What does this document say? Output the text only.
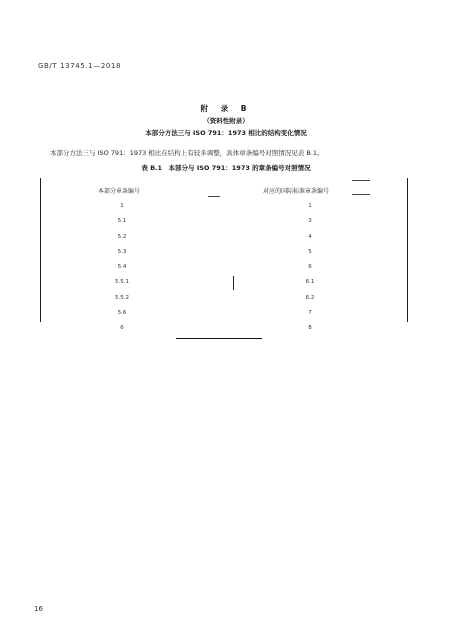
GB/T 13745.1—2018
附 录 B
（资料性附录）
本部分方法三与 ISO 791：1973 相比的结构变化情况
本部分方法三与 ISO 791：1973 相比在结构上有较多调整，具体章条编号对照情况见表 B.1。
表 B.1　本部分与 ISO 791：1973 的章条编号对照情况
本部分章条编号	对应的国际标准章条编号
1	1
5.1	3
5.2	4
5.3	5
5.4	6
5.5.1	6.1
5.5.2	6.2
5.6	7
6	8
16
